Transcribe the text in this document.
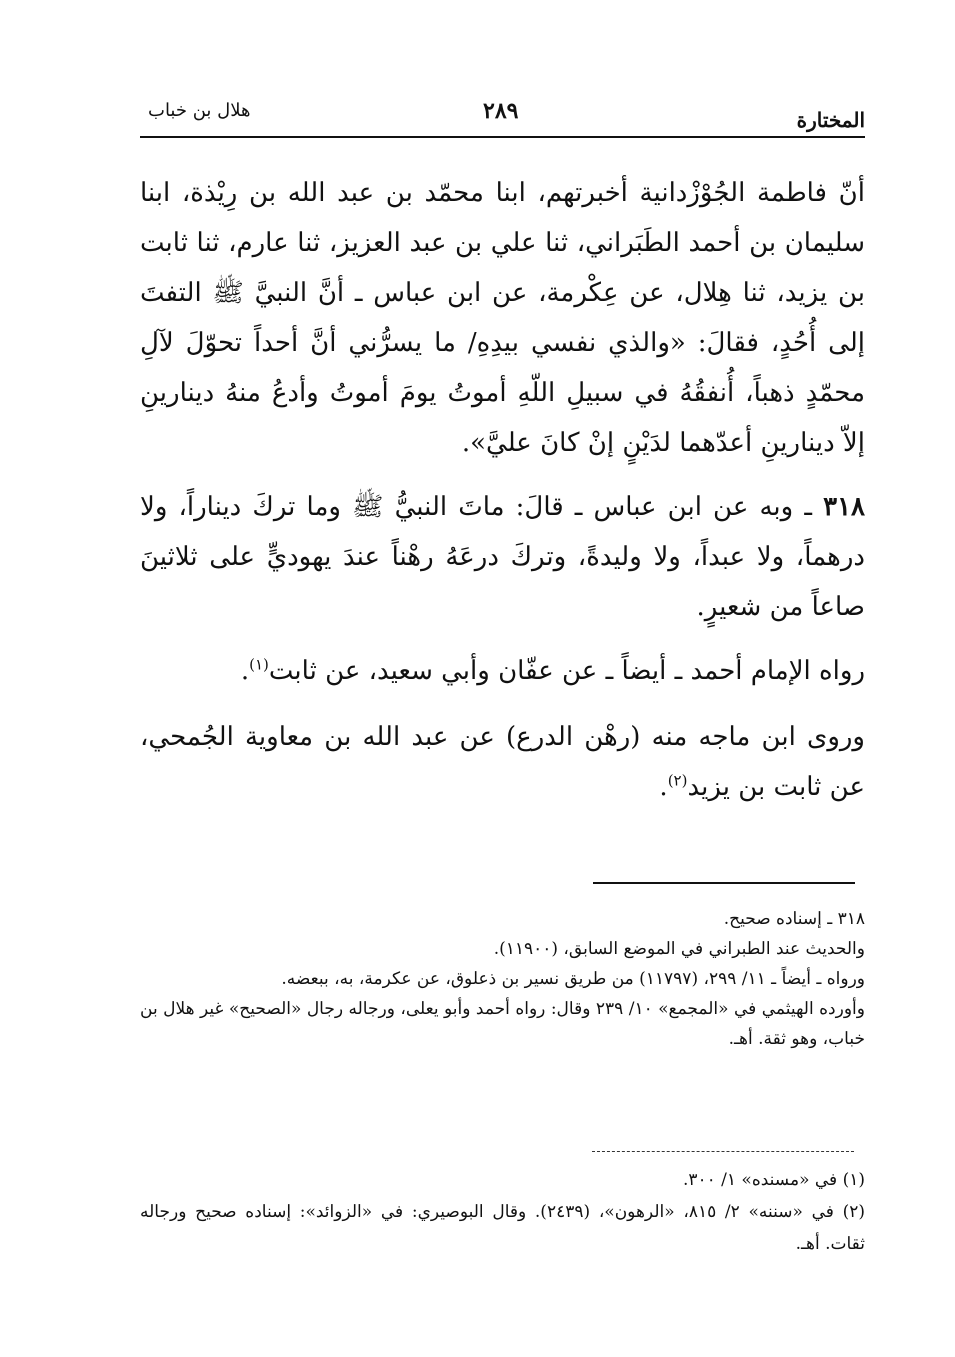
المختارة
٢٨٩
هلال بن خباب

أنّ فاطمة الجُوْزْدانية أخبرتهم، ابنا محمّد بن عبد الله بن رِيْذة، ابنا سليمان بن أحمد الطَبَراني، ثنا علي بن عبد العزيز، ثنا عارم، ثنا ثابت بن يزيد، ثنا هِلال، عن عِكْرمة، عن ابن عباس ـ أنَّ النبيَّ ﷺ التفتَ إلى أُحُدٍ، فقالَ: «والذي نفسي بيدِهِ/ ما يسرُّني أنَّ أحداً تحوّلَ لآلِ محمّدٍ ذهباً، أُنفقُهُ في سبيلِ اللّهِ أموتُ يومَ أموتُ وأدعُ منهُ دينارينِ إلاّ دينارينِ أعدّهما لدَيْنٍ إنْ كانَ عليَّ».

٣١٨ ـ وبه عن ابن عباس ـ قالَ: ماتَ النبيُّ ﷺ وما تركَ ديناراً، ولا درهماً، ولا عبداً، ولا وليدةً، وتركَ درعَهُ رهْناً عندَ يهوديٍّ على ثلاثينَ صاعاً من شعيرٍ.

رواه الإمام أحمد ـ أيضاً ـ عن عفّان وأبي سعيد، عن ثابت$^{(١)}$.

وروى ابن ماجه منه (رهْن الدرع) عن عبد الله بن معاوية الجُمحي، عن ثابت بن يزيد$^{(٢)}$.

٣١٨ ـ إسناده صحيح.

والحديث عند الطبراني في الموضع السابق، (١١٩٠٠).

ورواه ـ أيضاً ـ ١١/ ٢٩٩، (١١٧٩٧) من طريق نسير بن ذعلوق، عن عكرمة، به، ببعضه.

وأورده الهيثمي في «المجمع» ١٠/ ٢٣٩ وقال: رواه أحمد وأبو يعلى، ورجاله رجال «الصحيح» غير هلال بن خباب، وهو ثقة. أهـ.

(١) في «مسنده» ١/ ٣٠٠.

(٢) في «سننه» ٢/ ٨١٥، «الرهون»، (٢٤٣٩). وقال البوصيري: في «الزوائد»: إسناده صحيح ورجاله ثقات. أهـ.
